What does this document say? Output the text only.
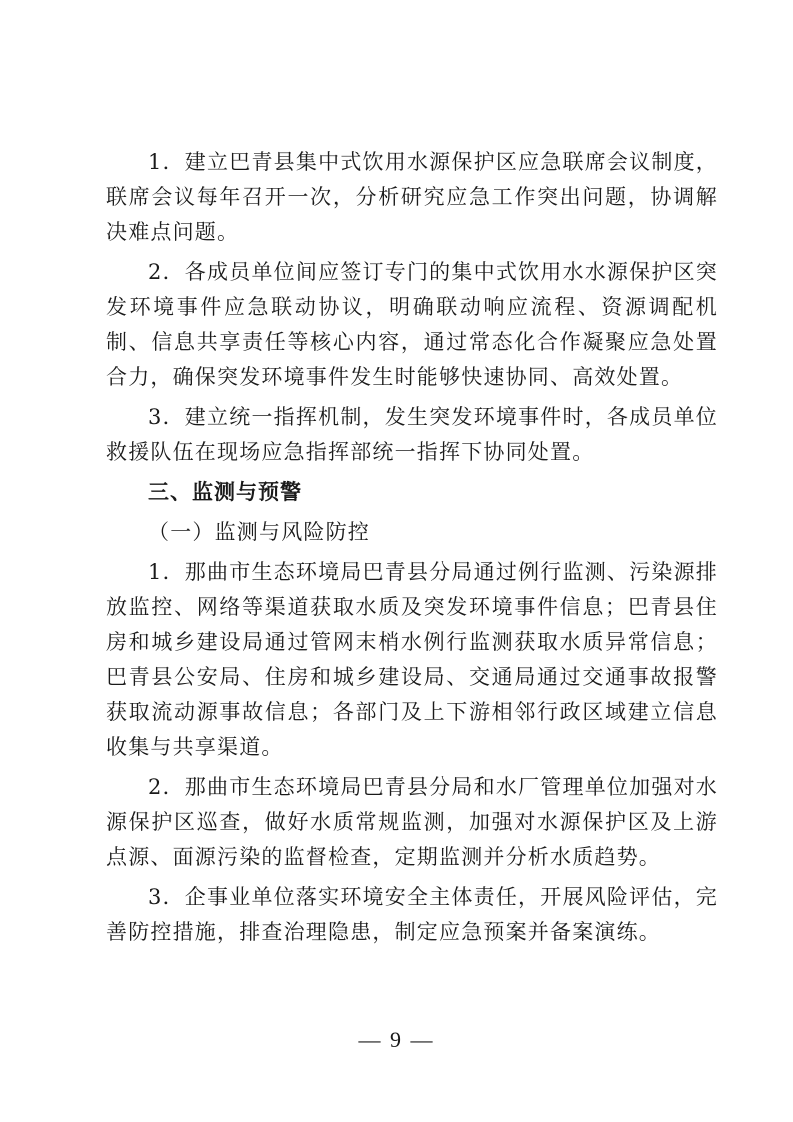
1．建立巴青县集中式饮用水源保护区应急联席会议制度，联席会议每年召开一次，分析研究应急工作突出问题，协调解决难点问题。

2．各成员单位间应签订专门的集中式饮用水水源保护区突发环境事件应急联动协议，明确联动响应流程、资源调配机制、信息共享责任等核心内容，通过常态化合作凝聚应急处置合力，确保突发环境事件发生时能够快速协同、高效处置。

3．建立统一指挥机制，发生突发环境事件时，各成员单位救援队伍在现场应急指挥部统一指挥下协同处置。

三、监测与预警

（一）监测与风险防控

1．那曲市生态环境局巴青县分局通过例行监测、污染源排放监控、网络等渠道获取水质及突发环境事件信息；巴青县住房和城乡建设局通过管网末梢水例行监测获取水质异常信息；巴青县公安局、住房和城乡建设局、交通局通过交通事故报警获取流动源事故信息；各部门及上下游相邻行政区域建立信息收集与共享渠道。

2．那曲市生态环境局巴青县分局和水厂管理单位加强对水源保护区巡查，做好水质常规监测，加强对水源保护区及上游点源、面源污染的监督检查，定期监测并分析水质趋势。

3．企事业单位落实环境安全主体责任，开展风险评估，完善防控措施，排查治理隐患，制定应急预案并备案演练。

— 9 —
